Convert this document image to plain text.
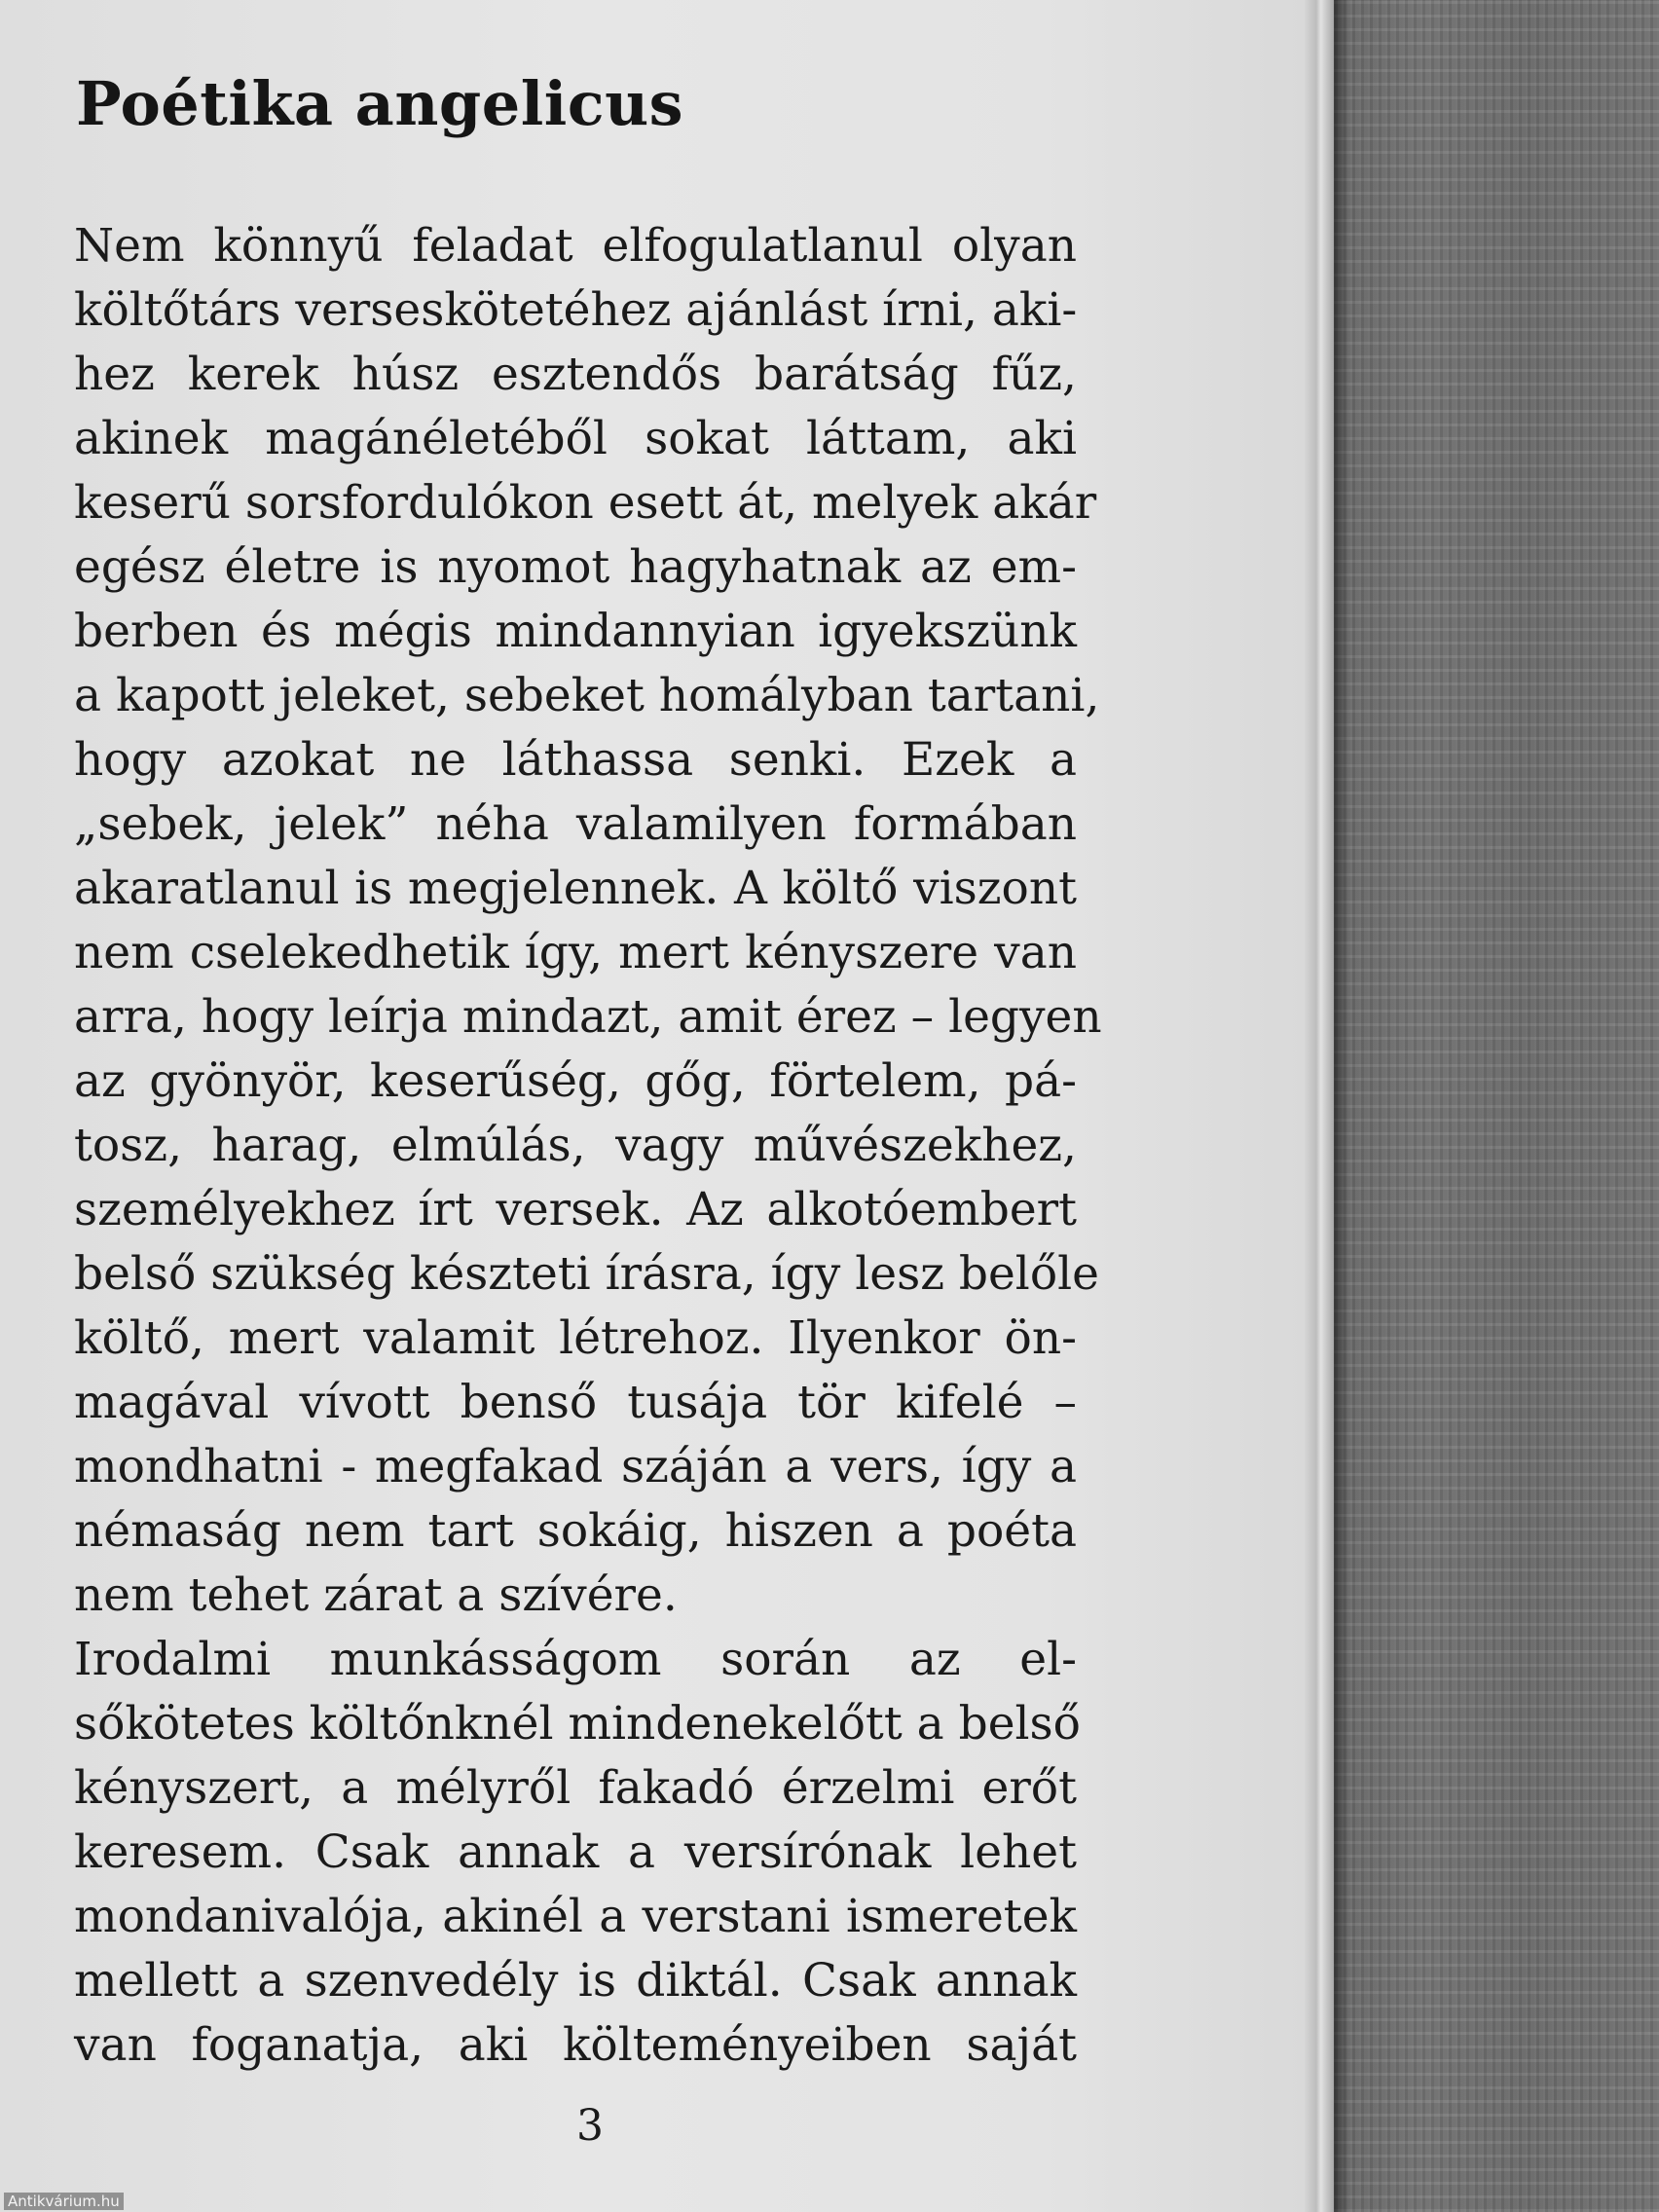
Poétika angelicus
Nem könnyű feladat elfogulatlanul olyan
költőtárs verseskötetéhez ajánlást írni, aki-
hez kerek húsz esztendős barátság fűz,
akinek magánéletéből sokat láttam, aki
keserű sorsfordulókon esett át, melyek akár
egész életre is nyomot hagyhatnak az em-
berben és mégis mindannyian igyekszünk
a kapott jeleket, sebeket homályban tartani,
hogy azokat ne láthassa senki. Ezek a
„sebek, jelek” néha valamilyen formában
akaratlanul is megjelennek. A költő viszont
nem cselekedhetik így, mert kényszere van
arra, hogy leírja mindazt, amit érez – legyen
az gyönyör, keserűség, gőg, förtelem, pá-
tosz, harag, elmúlás, vagy művészekhez,
személyekhez írt versek. Az alkotóembert
belső szükség készteti írásra, így lesz belőle
költő, mert valamit létrehoz. Ilyenkor ön-
magával vívott benső tusája tör kifelé –
mondhatni - megfakad száján a vers, így a
némaság nem tart sokáig, hiszen a poéta
nem tehet zárat a szívére.
Irodalmi munkásságom során az el-
sőkötetes költőnknél mindenekelőtt a belső
kényszert, a mélyről fakadó érzelmi erőt
keresem. Csak annak a versírónak lehet
mondanivalója, akinél a verstani ismeretek
mellett a szenvedély is diktál. Csak annak
van foganatja, aki költeményeiben saját
3
Antikvárium.hu
